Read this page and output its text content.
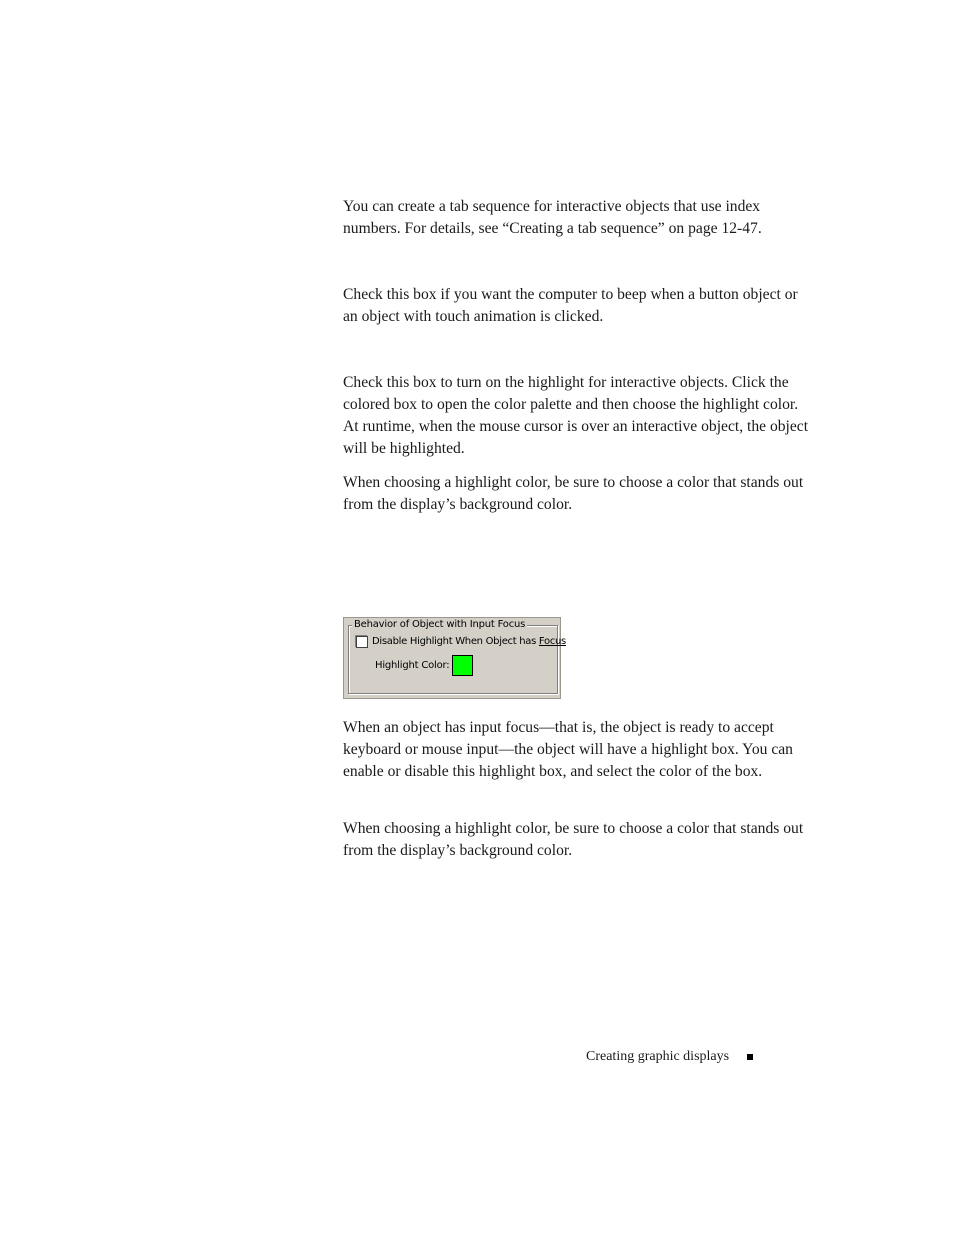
You can create a tab sequence for interactive objects that use index numbers. For details, see “Creating a tab sequence” on page 12-47.

Check this box if you want the computer to beep when a button object or an object with touch animation is clicked.

Check this box to turn on the highlight for interactive objects. Click the colored box to open the color palette and then choose the highlight color. At runtime, when the mouse cursor is over an interactive object, the object will be highlighted.

When choosing a highlight color, be sure to choose a color that stands out from the display’s background color.

Behavior of Object with Input Focus
Disable Highlight When Object has Focus
Highlight Color:

When an object has input focus—that is, the object is ready to accept keyboard or mouse input—the object will have a highlight box. You can enable or disable this highlight box, and select the color of the box.

When choosing a highlight color, be sure to choose a color that stands out from the display’s background color.

Creating graphic displays
